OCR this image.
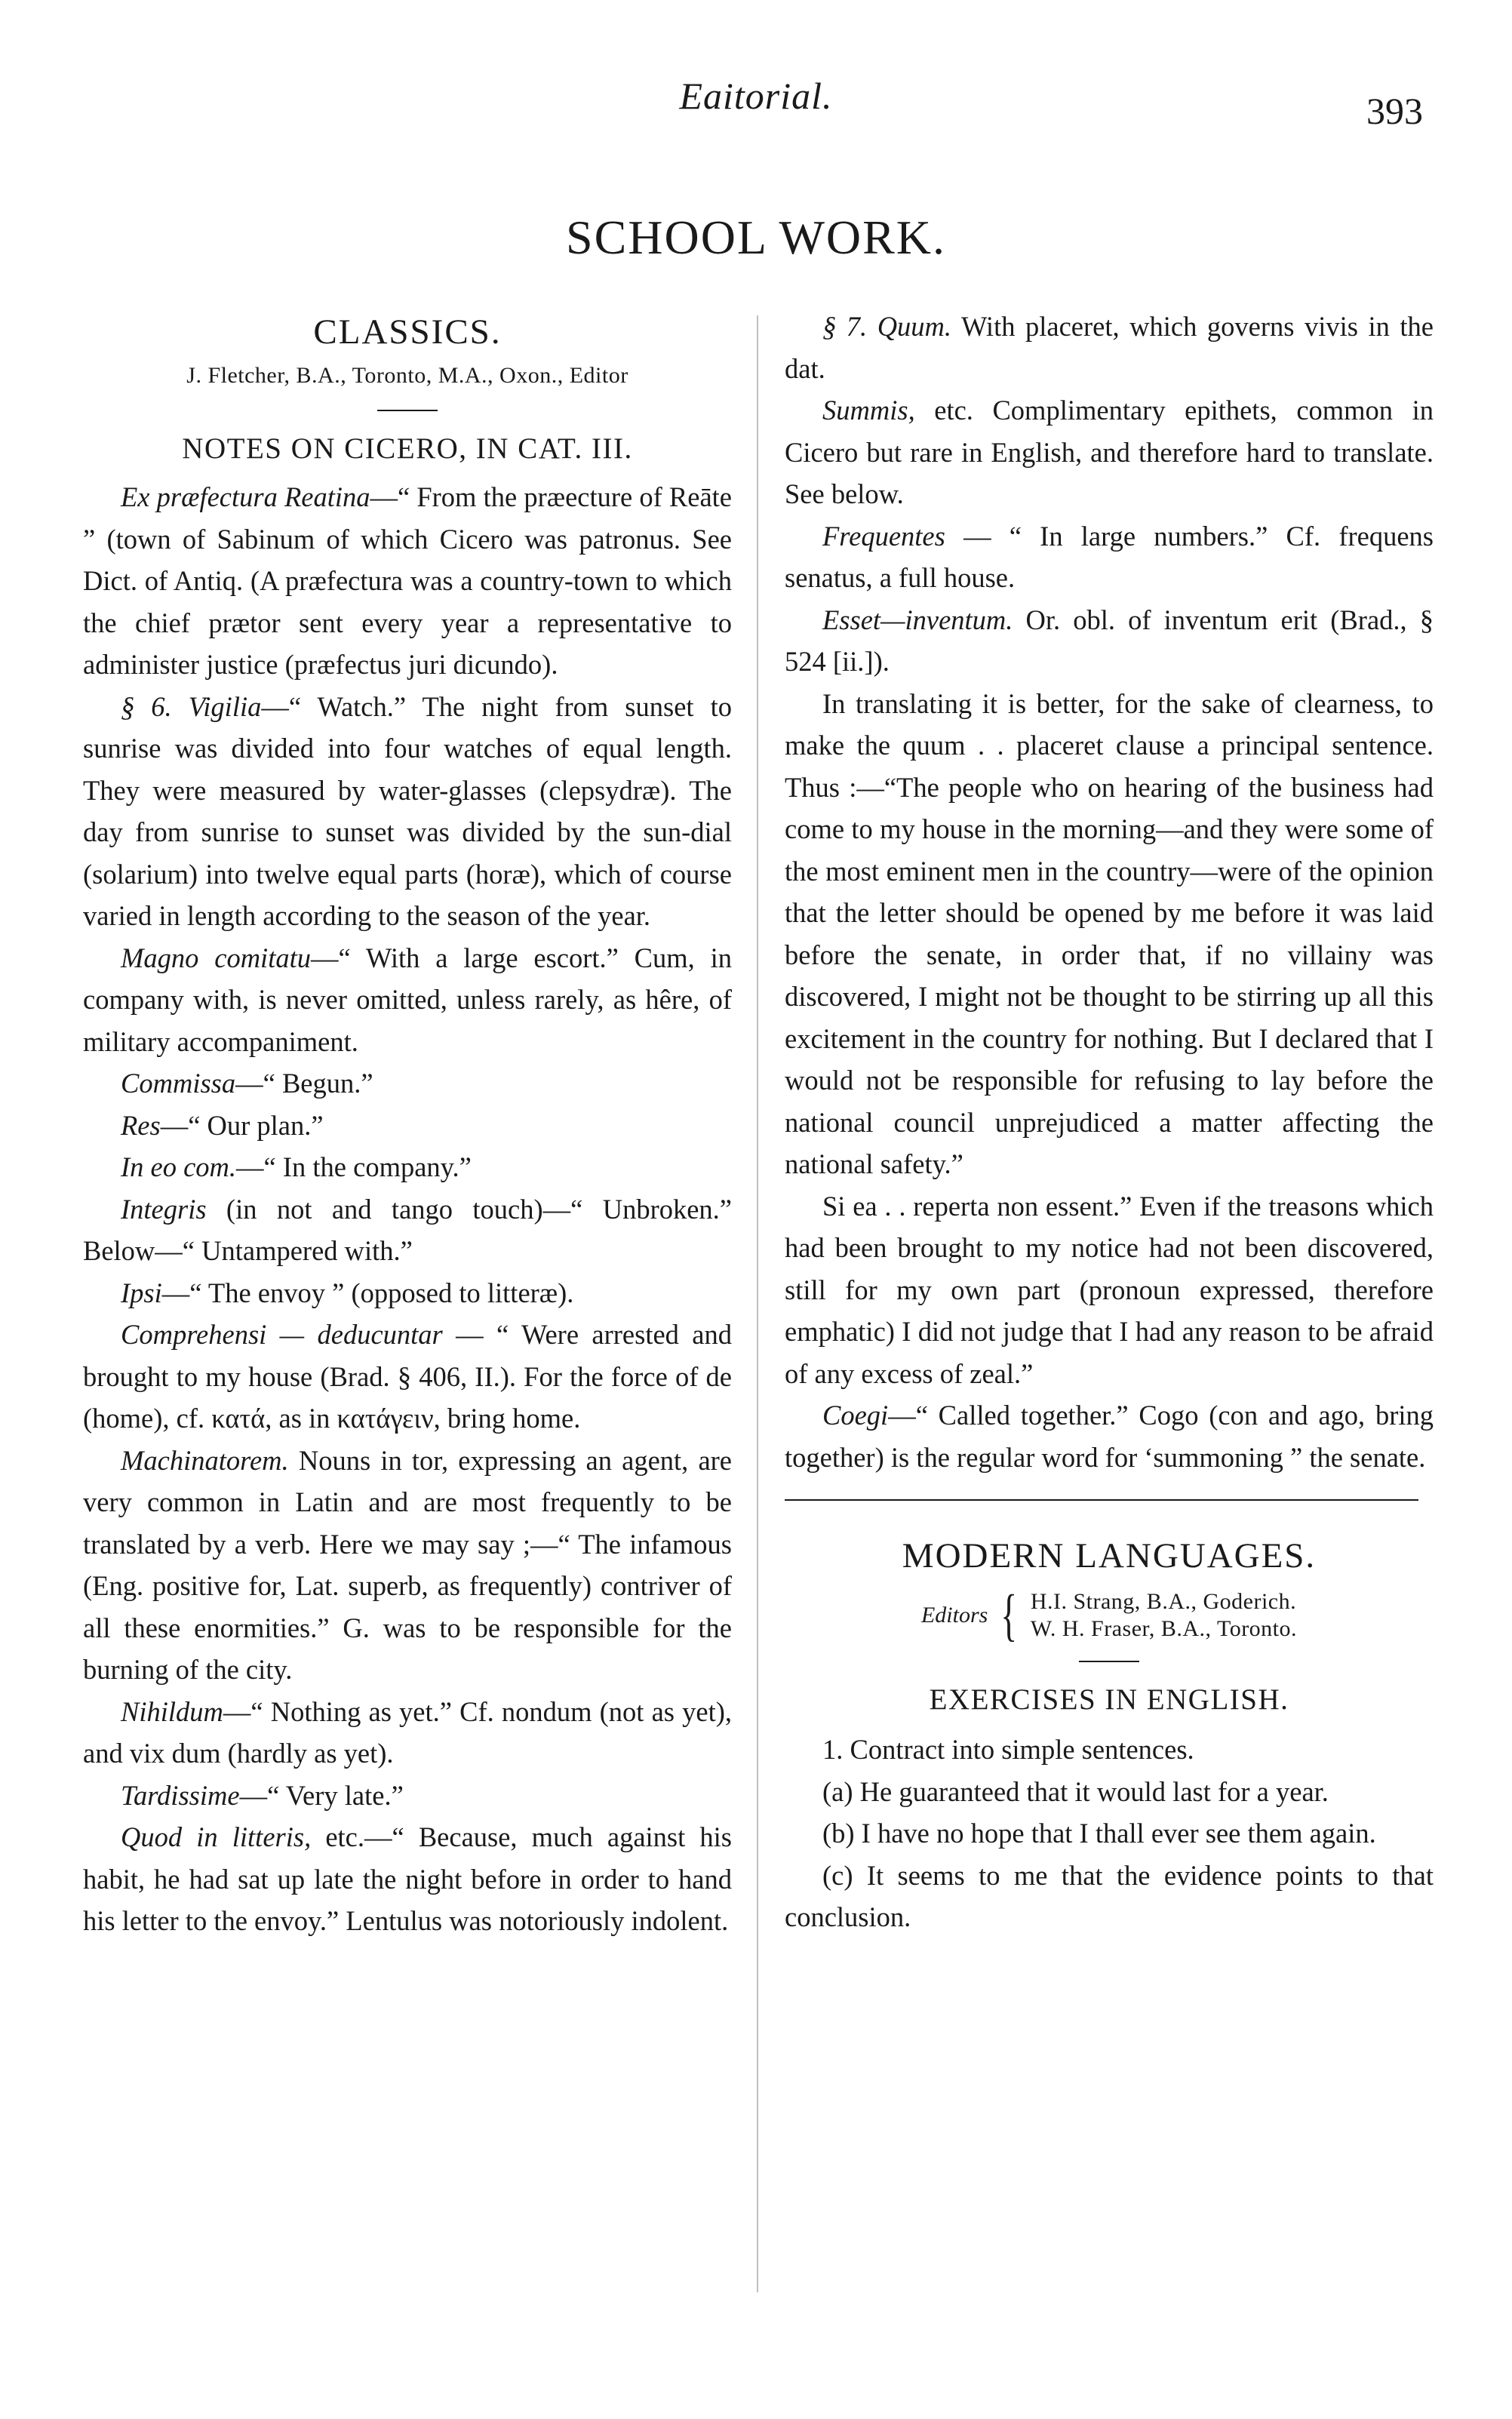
Eaitorial.	393
SCHOOL WORK.

CLASSICS.

J. Fletcher, B.A., Toronto, M.A., Oxon., Editor

NOTES ON CICERO, IN CAT. III.

Ex præfectura Reatina—“ From the præecture of Reāte ” (town of Sabinum of which Cicero was patronus. See Dict. of Antiq. (A præfectura was a country-town to which the chief prætor sent every year a representative to administer justice (præfectus juri dicundo).

§ 6. Vigilia—“ Watch.” The night from sunset to sunrise was divided into four watches of equal length. They were measured by water-glasses (clepsydræ). The day from sunrise to sunset was divided by the sun-dial (solarium) into twelve equal parts (horæ), which of course varied in length according to the season of the year.

Magno comitatu—“ With a large escort.” Cum, in company with, is never omitted, unless rarely, as hêre, of military accompaniment.

Commissa—“ Begun.”

Res—“ Our plan.”

In eo com.—“ In the company.”

Integris (in not and tango touch)—“ Unbroken.” Below—“ Untampered with.”

Ipsi—“ The envoy ” (opposed to litteræ).

Comprehensi — deducuntar — “ Were arrested and brought to my house (Brad. § 406, II.). For the force of de (home), cf. κατά, as in κατάγειν, bring home.

Machinatorem. Nouns in tor, expressing an agent, are very common in Latin and are most frequently to be translated by a verb. Here we may say ;—“ The infamous (Eng. positive for, Lat. superb, as frequently) contriver of all these enormities.” G. was to be responsible for the burning of the city.

Nihildum—“ Nothing as yet.” Cf. nondum (not as yet), and vix dum (hardly as yet).

Tardissime—“ Very late.”

Quod in litteris, etc.—“ Because, much against his habit, he had sat up late the night before in order to hand his letter to the envoy.” Lentulus was notoriously indolent.

§ 7. Quum. With placeret, which governs vivis in the dat.

Summis, etc. Complimentary epithets, common in Cicero but rare in English, and therefore hard to translate. See below.

Frequentes — “ In large numbers.” Cf. frequens senatus, a full house.

Esset—inventum. Or. obl. of inventum erit (Brad., § 524 [ii.]).

In translating it is better, for the sake of clearness, to make the quum . . placeret clause a principal sentence. Thus :—“The people who on hearing of the business had come to my house in the morning—and they were some of the most eminent men in the country—were of the opinion that the letter should be opened by me before it was laid before the senate, in order that, if no villainy was discovered, I might not be thought to be stirring up all this excitement in the country for nothing. But I declared that I would not be responsible for refusing to lay before the national council unprejudiced a matter affecting the national safety.”

Si ea . . reperta non essent.” Even if the treasons which had been brought to my notice had not been discovered, still for my own part (pronoun expressed, therefore emphatic) I did not judge that I had any reason to be afraid of any excess of zeal.”

Coegi—“ Called together.” Cogo (con and ago, bring together) is the regular word for ‘summoning ” the senate.

MODERN LANGUAGES.

Editors { H.I. Strang, B.A., Goderich.
W. H. Fraser, B.A., Toronto.

EXERCISES IN ENGLISH.

1. Contract into simple sentences.

(a) He guaranteed that it would last for a year.

(b) I have no hope that I thall ever see them again.

(c) It seems to me that the evidence points to that conclusion.
